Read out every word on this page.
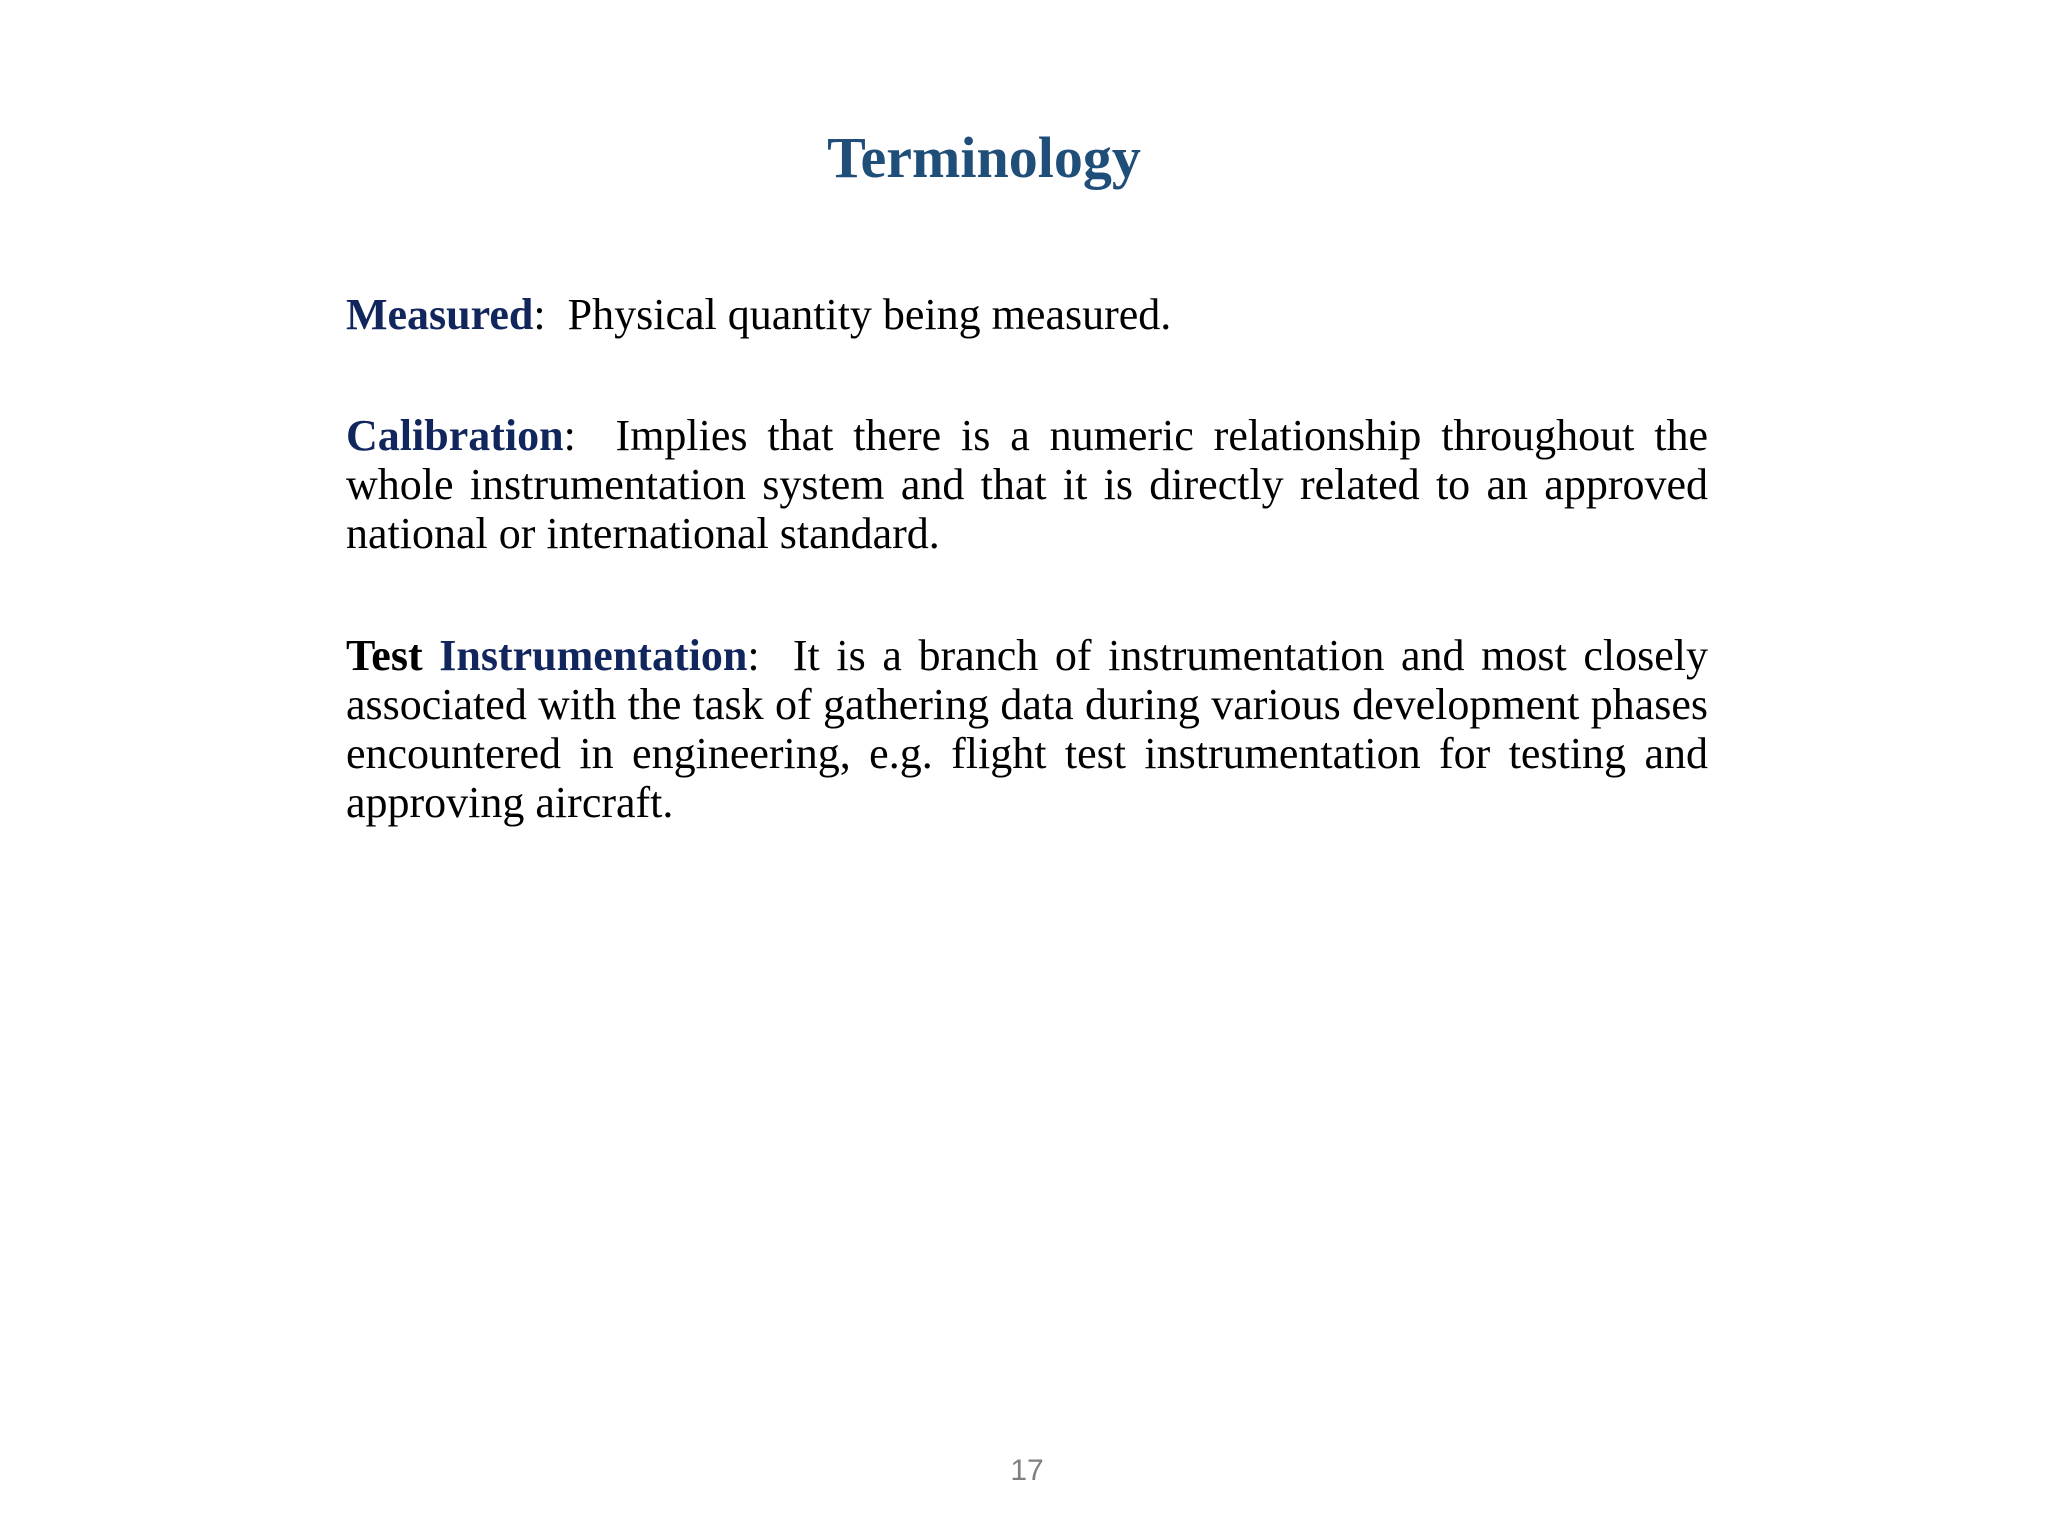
Terminology

Measured: Physical quantity being measured.

Calibration: Implies that there is a numeric relationship throughout the whole instrumentation system and that it is directly related to an approved national or international standard.

Test Instrumentation: It is a branch of instrumentation and most closely associated with the task of gathering data during various development phases encountered in engineering, e.g. flight test instrumentation for testing and approving aircraft.

17
